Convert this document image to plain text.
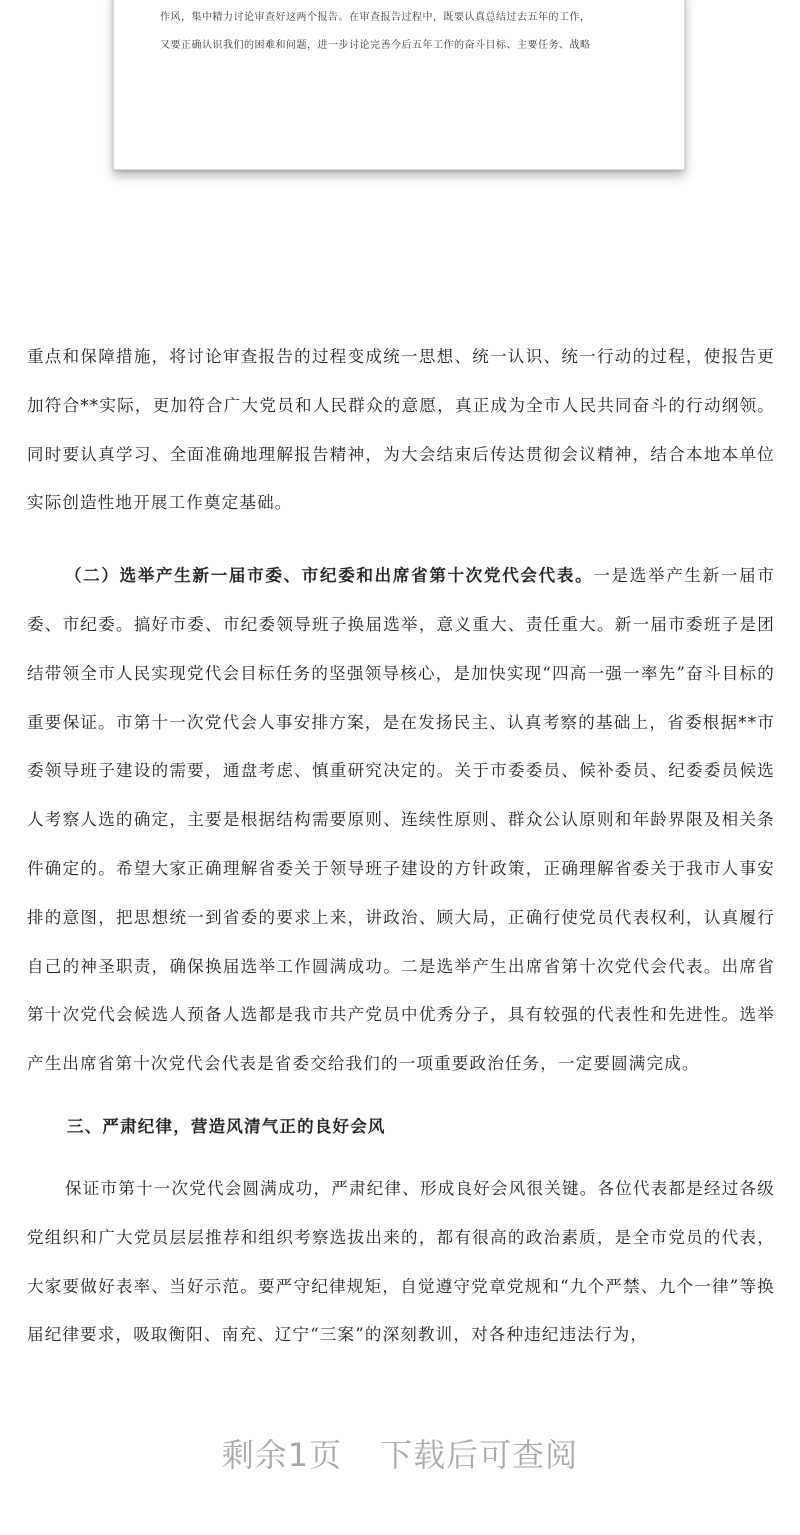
作风，集中精力讨论审查好这两个报告。在审查报告过程中，既要认真总结过去五年的工作，
又要正确认识我们的困难和问题，进一步讨论完善今后五年工作的奋斗目标、主要任务、战略

重点和保障措施，将讨论审查报告的过程变成统一思想、统一认识、统一行动的过程，使报告更加符合**实际，更加符合广大党员和人民群众的意愿，真正成为全市人民共同奋斗的行动纲领。同时要认真学习、全面准确地理解报告精神，为大会结束后传达贯彻会议精神，结合本地本单位实际创造性地开展工作奠定基础。

（二）选举产生新一届市委、市纪委和出席省第十次党代会代表。一是选举产生新一届市委、市纪委。搞好市委、市纪委领导班子换届选举，意义重大、责任重大。新一届市委班子是团结带领全市人民实现党代会目标任务的坚强领导核心，是加快实现“四高一强一率先”奋斗目标的重要保证。市第十一次党代会人事安排方案，是在发扬民主、认真考察的基础上，省委根据**市委领导班子建设的需要，通盘考虑、慎重研究决定的。关于市委委员、候补委员、纪委委员候选人考察人选的确定，主要是根据结构需要原则、连续性原则、群众公认原则和年龄界限及相关条件确定的。希望大家正确理解省委关于领导班子建设的方针政策，正确理解省委关于我市人事安排的意图，把思想统一到省委的要求上来，讲政治、顾大局，正确行使党员代表权利，认真履行自己的神圣职责，确保换届选举工作圆满成功。二是选举产生出席省第十次党代会代表。出席省第十次党代会候选人预备人选都是我市共产党员中优秀分子，具有较强的代表性和先进性。选举产生出席省第十次党代会代表是省委交给我们的一项重要政治任务，一定要圆满完成。

三、严肃纪律，营造风清气正的良好会风

保证市第十一次党代会圆满成功，严肃纪律、形成良好会风很关键。各位代表都是经过各级党组织和广大党员层层推荐和组织考察选拔出来的，都有很高的政治素质，是全市党员的代表，大家要做好表率、当好示范。要严守纪律规矩，自觉遵守党章党规和“九个严禁、九个一律”等换届纪律要求，吸取衡阳、南充、辽宁“三案”的深刻教训，对各种违纪违法行为，

剩余1页 下载后可查阅
